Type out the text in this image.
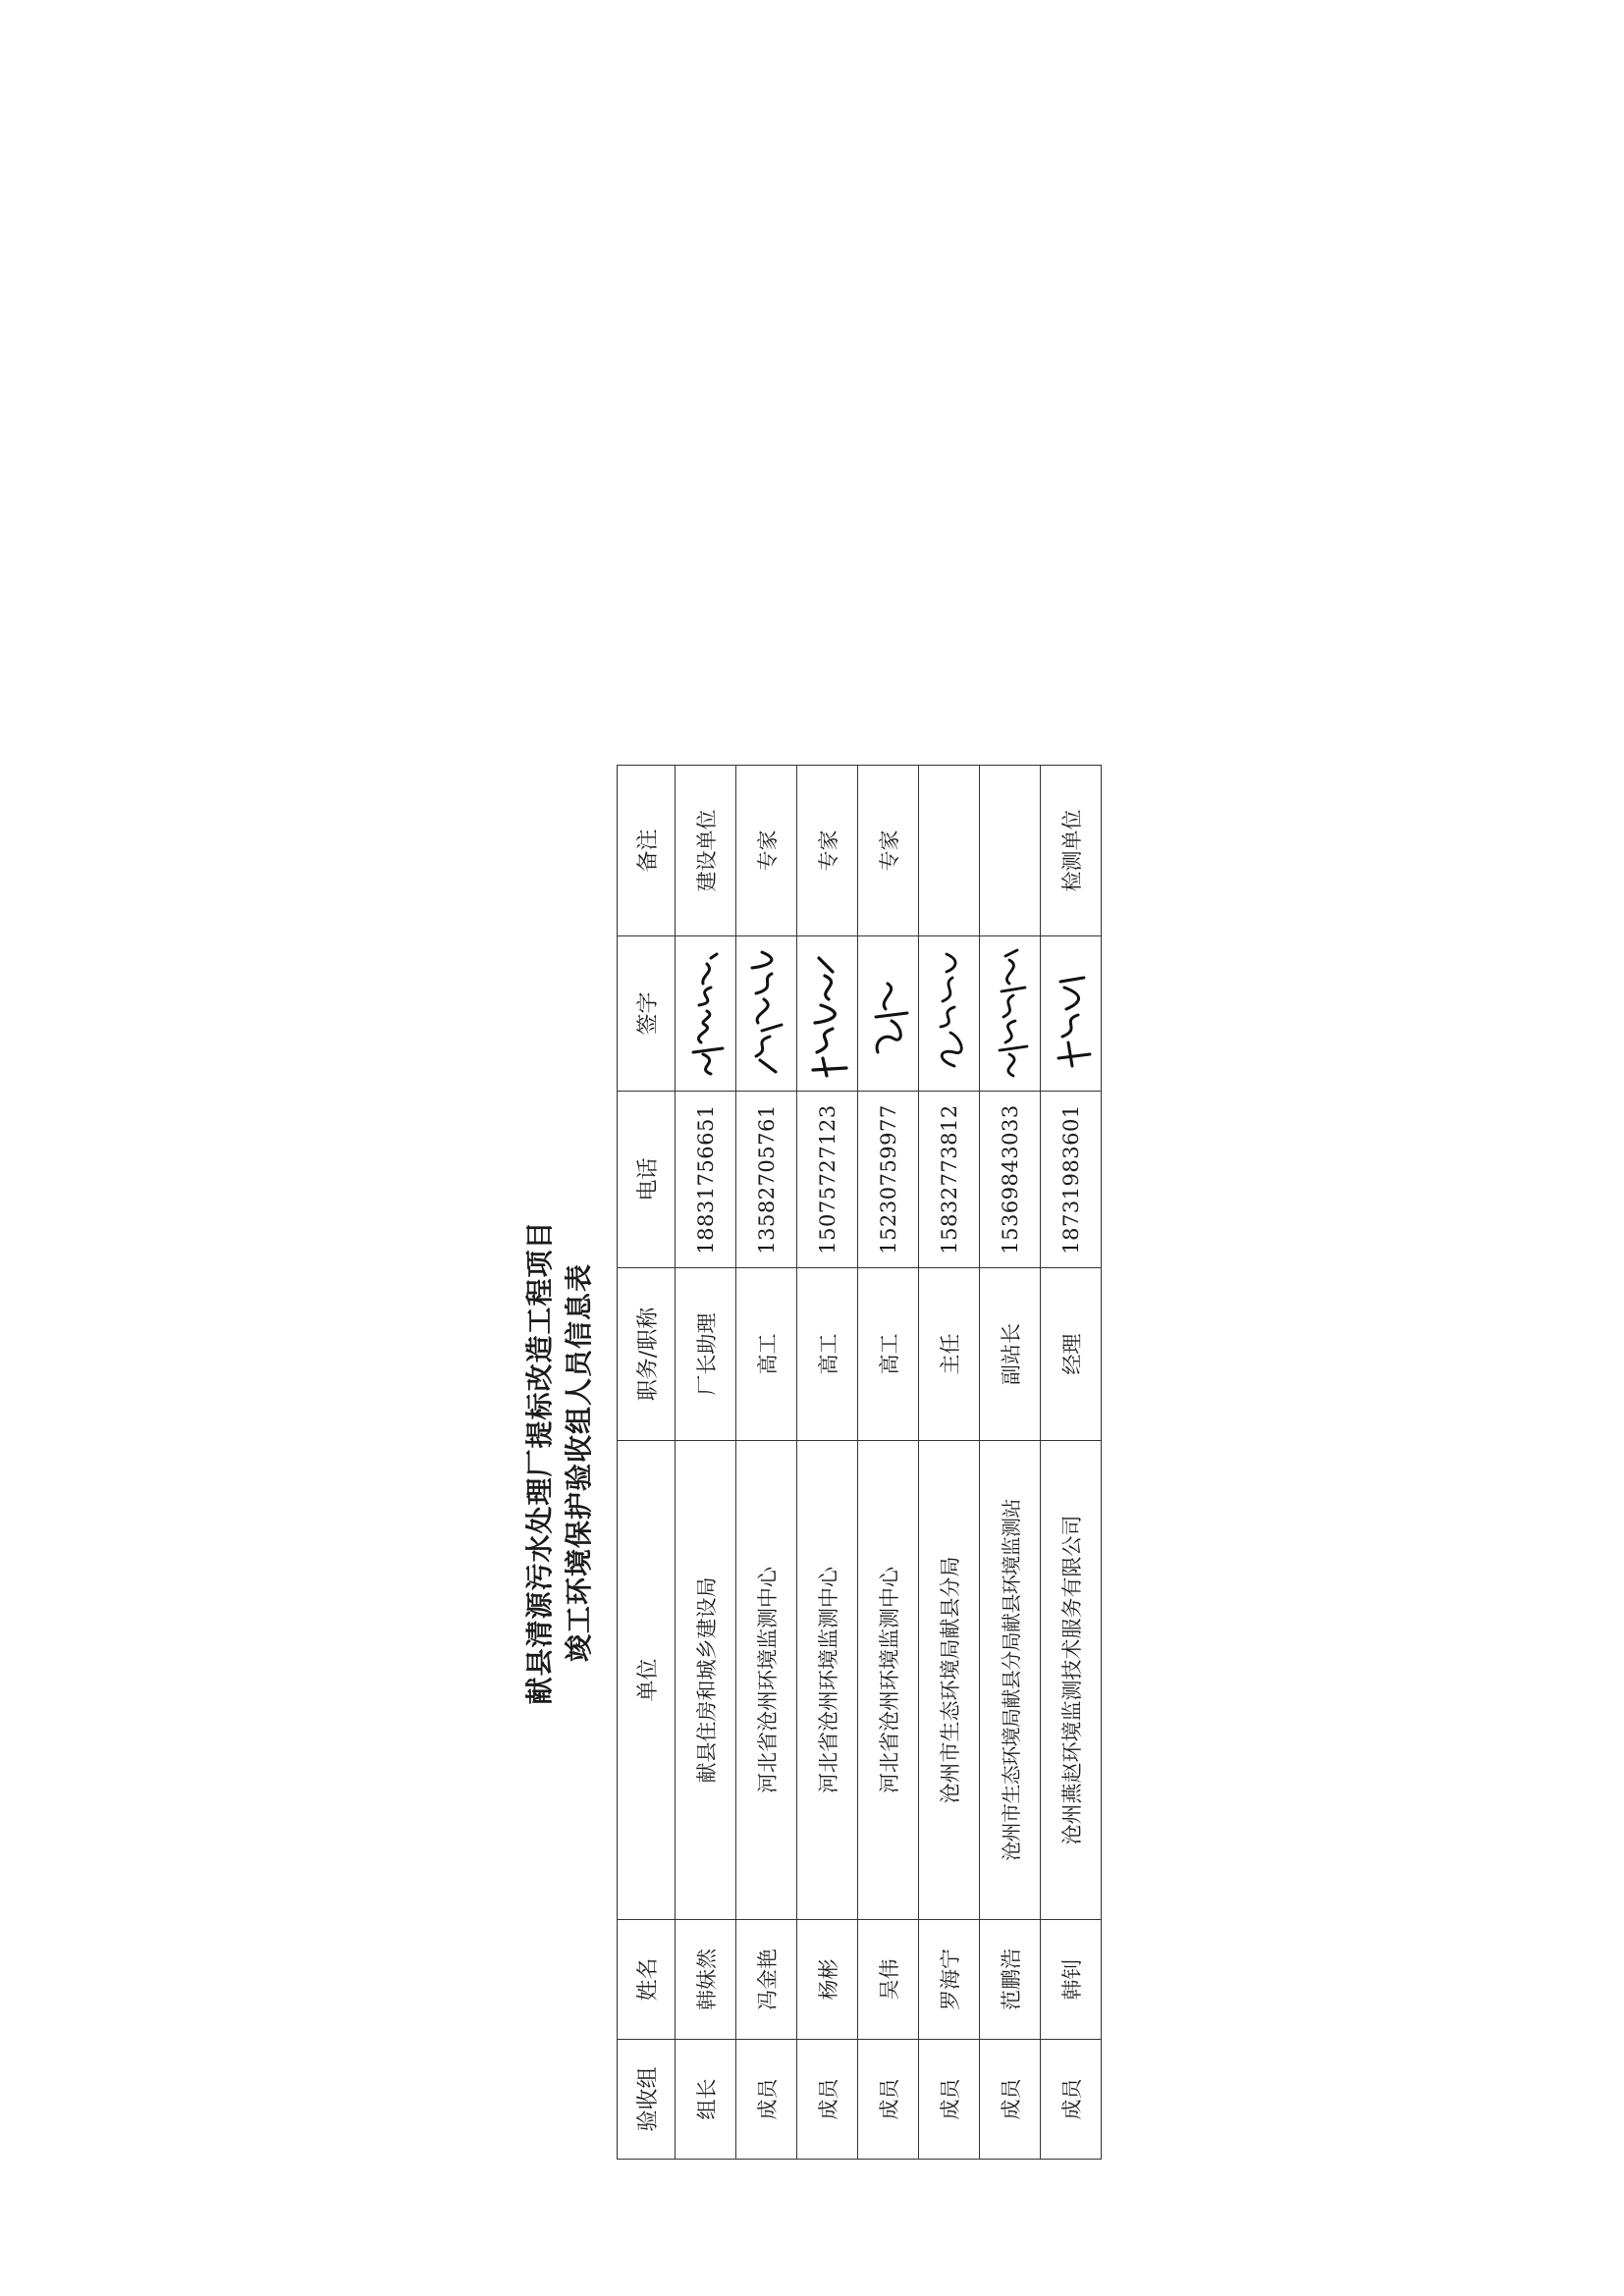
献县清源污水处理厂提标改造工程项目 竣工环境保护验收组人员信息表
验收组	姓名	单位	职务/职称	电话	签字	备注
组长	韩妹然	献县住房和城乡建设局	厂长助理	18831756651		建设单位
成员	冯金艳	河北省沧州环境监测中心	高工	13582705761		专家
成员	杨彬	河北省沧州环境监测中心	高工	15075727123		专家
成员	吴伟	河北省沧州环境监测中心	高工	15230759977		专家
成员	罗海宁	沧州市生态环境局献县分局	主任	15832773812	

成员	范鹏浩	沧州市生态环境局献县分局献县环境监测站	副站长	15369843033	

成员	韩钊	沧州燕赵环境监测技术服务有限公司	经理	18731983601		检测单位
